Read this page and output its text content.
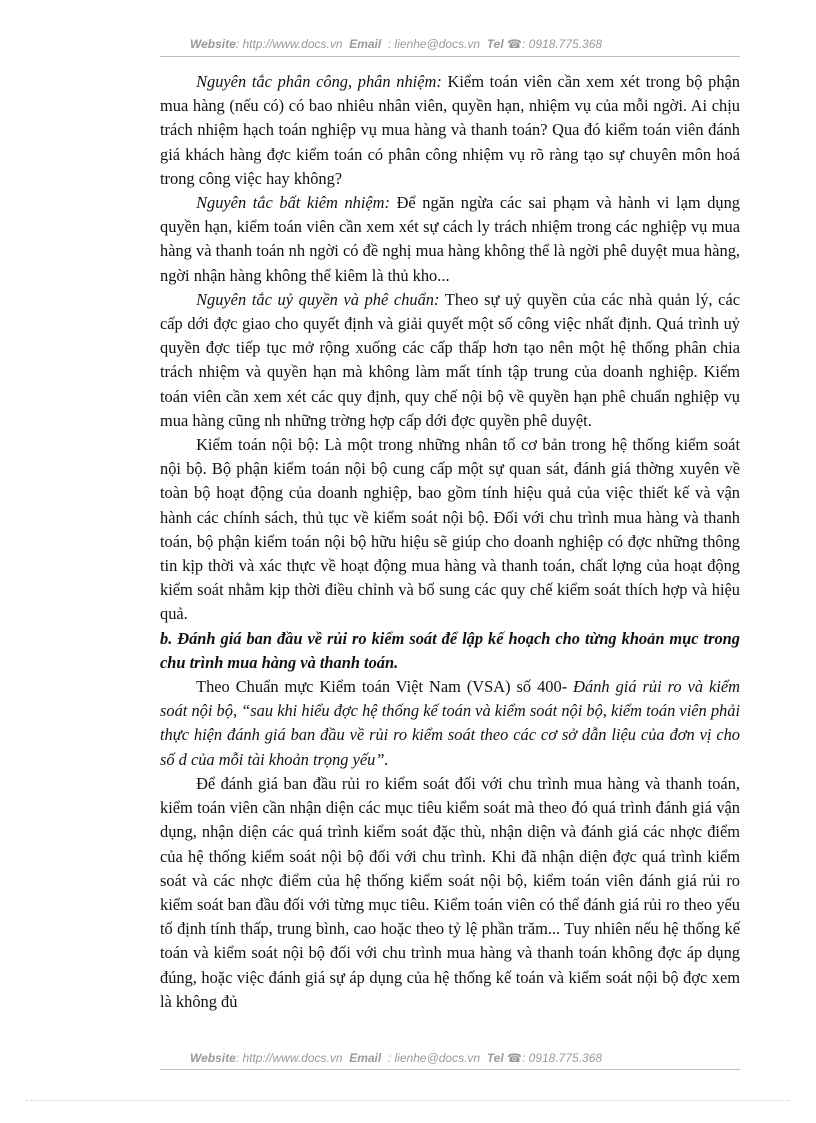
Website: http://www.docs.vn Email : lienhe@docs.vn Tel ☎: 0918.775.368

Nguyên tắc phân công, phân nhiệm: Kiểm toán viên cần xem xét trong bộ phận mua hàng (nếu có) có bao nhiêu nhân viên, quyền hạn, nhiệm vụ của mỗi ngời. Ai chịu trách nhiệm hạch toán nghiệp vụ mua hàng và thanh toán? Qua đó kiểm toán viên đánh giá khách hàng đợc kiểm toán có phân công nhiệm vụ rõ ràng tạo sự chuyên môn hoá trong công việc hay không?

Nguyên tắc bất kiêm nhiệm: Để ngăn ngừa các sai phạm và hành vi lạm dụng quyền hạn, kiểm toán viên cần xem xét sự cách ly trách nhiệm trong các nghiệp vụ mua hàng và thanh toán nh ngời có đề nghị mua hàng không thể là ngời phê duyệt mua hàng, ngời nhận hàng không thể kiêm là thủ kho...

Nguyên tắc uỷ quyền và phê chuẩn: Theo sự uỷ quyền của các nhà quản lý, các cấp dới đợc giao cho quyết định và giải quyết một số công việc nhất định. Quá trình uỷ quyền đợc tiếp tục mở rộng xuống các cấp thấp hơn tạo nên một hệ thống phân chia trách nhiệm và quyền hạn mà không làm mất tính tập trung của doanh nghiệp. Kiểm toán viên cần xem xét các quy định, quy chế nội bộ về quyền hạn phê chuẩn nghiệp vụ mua hàng cũng nh những trờng hợp cấp dới đợc quyền phê duyệt.

Kiểm toán nội bộ: Là một trong những nhân tố cơ bản trong hệ thống kiểm soát nội bộ. Bộ phận kiểm toán nội bộ cung cấp một sự quan sát, đánh giá thờng xuyên về toàn bộ hoạt động của doanh nghiệp, bao gồm tính hiệu quả của việc thiết kế và vận hành các chính sách, thủ tục về kiểm soát nội bộ. Đối với chu trình mua hàng và thanh toán, bộ phận kiểm toán nội bộ hữu hiệu sẽ giúp cho doanh nghiệp có đợc những thông tin kịp thời và xác thực về hoạt động mua hàng và thanh toán, chất lợng của hoạt động kiểm soát nhằm kịp thời điều chỉnh và bổ sung các quy chế kiểm soát thích hợp và hiệu quả.

b. Đánh giá ban đầu về rủi ro kiểm soát để lập kế hoạch cho từng khoản mục trong chu trình mua hàng và thanh toán.

Theo Chuẩn mực Kiểm toán Việt Nam (VSA) số 400- Đánh giá rủi ro và kiểm soát nội bộ, “sau khi hiểu đợc hệ thống kế toán và kiểm soát nội bộ, kiểm toán viên phải thực hiện đánh giá ban đầu về rủi ro kiểm soát theo các cơ sở dẫn liệu của đơn vị cho số d của mỗi tài khoản trọng yếu”.

Để đánh giá ban đầu rủi ro kiểm soát đối với chu trình mua hàng và thanh toán, kiểm toán viên cần nhận diện các mục tiêu kiểm soát mà theo đó quá trình đánh giá vận dụng, nhận diện các quá trình kiểm soát đặc thù, nhận diện và đánh giá các nhợc điểm của hệ thống kiểm soát nội bộ đối với chu trình. Khi đã nhận diện đợc quá trình kiểm soát và các nhợc điểm của hệ thống kiểm soát nội bộ, kiểm toán viên đánh giá rủi ro kiểm soát ban đầu đối với từng mục tiêu. Kiểm toán viên có thể đánh giá rủi ro theo yếu tố định tính thấp, trung bình, cao hoặc theo tỷ lệ phần trăm... Tuy nhiên nếu hệ thống kế toán và kiểm soát nội bộ đối với chu trình mua hàng và thanh toán không đợc áp dụng đúng, hoặc việc đánh giá sự áp dụng của hệ thống kế toán và kiểm soát nội bộ đợc xem là không đủ

Website: http://www.docs.vn Email : lienhe@docs.vn Tel ☎: 0918.775.368
